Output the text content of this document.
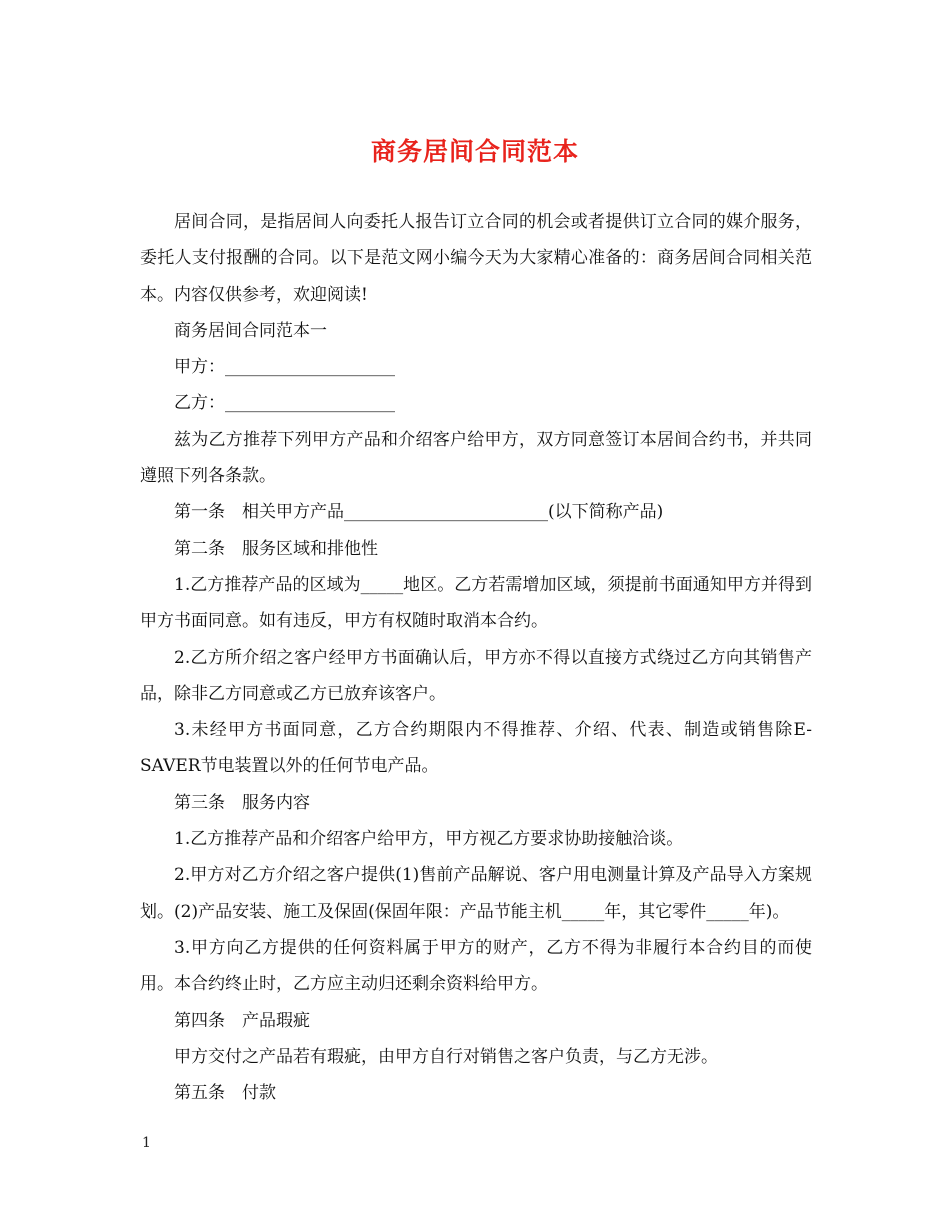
商务居间合同范本

居间合同，是指居间人向委托人报告订立合同的机会或者提供订立合同的媒介服务，委托人支付报酬的合同。以下是范文网小编今天为大家精心准备的：商务居间合同相关范本。内容仅供参考，欢迎阅读!

商务居间合同范本一

甲方：____________________

乙方：____________________

兹为乙方推荐下列甲方产品和介绍客户给甲方，双方同意签订本居间合约书，并共同遵照下列各条款。

第一条　相关甲方产品________________________(以下简称产品)

第二条　服务区域和排他性

1.乙方推荐产品的区域为_____地区。乙方若需增加区域，须提前书面通知甲方并得到甲方书面同意。如有违反，甲方有权随时取消本合约。

2.乙方所介绍之客户经甲方书面确认后，甲方亦不得以直接方式绕过乙方向其销售产品，除非乙方同意或乙方已放弃该客户。

3.未经甲方书面同意，乙方合约期限内不得推荐、介绍、代表、制造或销售除E-SAVER节电装置以外的任何节电产品。

第三条　服务内容

1.乙方推荐产品和介绍客户给甲方，甲方视乙方要求协助接触洽谈。

2.甲方对乙方介绍之客户提供(1)售前产品解说、客户用电测量计算及产品导入方案规划。(2)产品安装、施工及保固(保固年限：产品节能主机_____年，其它零件_____年)。

3.甲方向乙方提供的任何资料属于甲方的财产，乙方不得为非履行本合约目的而使用。本合约终止时，乙方应主动归还剩余资料给甲方。

第四条　产品瑕疵

甲方交付之产品若有瑕疵，由甲方自行对销售之客户负责，与乙方无涉。

第五条　付款

1
